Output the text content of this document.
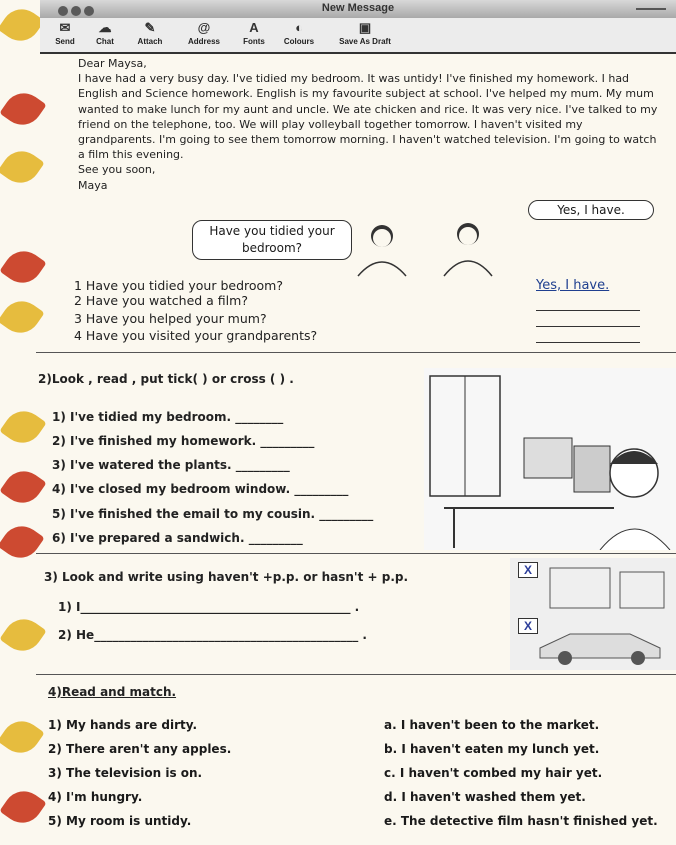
New Message
✉
Send
☁
Chat
✎
Attach
@
Address
A
Fonts
◐
Colours
▣
Save As Draft

Dear Maysa,

I have had a very busy day. I've tidied my bedroom. It was untidy! I've finished my homework. I had English and Science homework. English is my favourite subject at school. I've helped my mum. My mum wanted to make lunch for my aunt and uncle. We ate chicken and rice. It was very nice. I've talked to my friend on the telephone, too. We will play volleyball together tomorrow. I haven't visited my grandparents. I'm going to see them tomorrow morning. I haven't watched television. I'm going to watch a film this evening.

See you soon,

Maya

Have you tidied your bedroom?
Yes, I have.
1 Have you tidied your bedroom?
2 Have you watched a film?
3 Have you helped your mum?
4 Have you visited your grandparents?
Yes, I have.
2)Look , read , put tick( ) or cross ( ) .
1) I've tidied my bedroom. ________
2) I've finished my homework. _________
3) I've watered the plants. _________
4) I've closed my bedroom window. _________
5) I've finished the email to my cousin. _________
6) I've prepared a sandwich. _________
3) Look and write using haven't +p.p. or hasn't + p.p.
1) I_____________________________________________ .
2) He____________________________________________ .
X
X
4)Read and match.
1) My hands are dirty.
2) There aren't any apples.
3) The television is on.
4) I'm hungry.
5) My room is untidy.
a. I haven't been to the market.
b. I haven't eaten my lunch yet.
c. I haven't combed my hair yet.
d. I haven't washed them yet.
e. The detective film hasn't finished yet.
